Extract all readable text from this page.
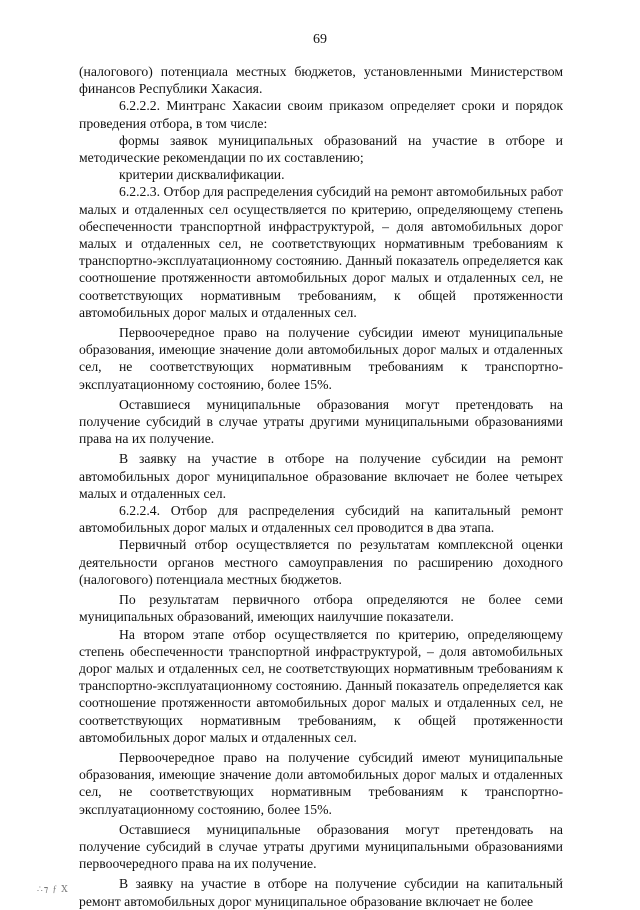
69

(налогового) потенциала местных бюджетов, установленными Министерством финансов Республики Хакасия.

6.2.2.2. Минтранс Хакасии своим приказом определяет сроки и порядок проведения отбора, в том числе:

формы заявок муниципальных образований на участие в отборе и методические рекомендации по их составлению;

критерии дисквалификации.

6.2.2.3. Отбор для распределения субсидий на ремонт автомобильных работ малых и отдаленных сел осуществляется по критерию, определяющему степень обеспеченности транспортной инфраструктурой, – доля автомобильных дорог малых и отдаленных сел, не соответствующих нормативным требованиям к транспортно-эксплуатационному состоянию. Данный показатель определяется как соотношение протяженности автомобильных дорог малых и отдаленных сел, не соответствующих нормативным требованиям, к общей протяженности автомобильных дорог малых и отдаленных сел.

Первоочередное право на получение субсидии имеют муниципальные образования, имеющие значение доли автомобильных дорог малых и отдаленных сел, не соответствующих нормативным требованиям к транспортно-эксплуатационному состоянию, более 15%.

Оставшиеся муниципальные образования могут претендовать на получение субсидий в случае утраты другими муниципальными образованиями права на их получение.

В заявку на участие в отборе на получение субсидии на ремонт автомобильных дорог муниципальное образование включает не более четырех малых и отдаленных сел.

6.2.2.4. Отбор для распределения субсидий на капитальный ремонт автомобильных дорог малых и отдаленных сел проводится в два этапа.

Первичный отбор осуществляется по результатам комплексной оценки деятельности органов местного самоуправления по расширению доходного (налогового) потенциала местных бюджетов.

По результатам первичного отбора определяются не более семи муниципальных образований, имеющих наилучшие показатели.

На втором этапе отбор осуществляется по критерию, определяющему степень обеспеченности транспортной инфраструктурой, – доля автомобильных дорог малых и отдаленных сел, не соответствующих нормативным требованиям к транспортно-эксплуатационному состоянию. Данный показатель определяется как соотношение протяженности автомобильных дорог малых и отдаленных сел, не соответствующих нормативным требованиям, к общей протяженности автомобильных дорог малых и отдаленных сел.

Первоочередное право на получение субсидий имеют муниципальные образования, имеющие значение доли автомобильных дорог малых и отдаленных сел, не соответствующих нормативным требованиям к транспортно-эксплуатационному состоянию, более 15%.

Оставшиеся муниципальные образования могут претендовать на получение субсидий в случае утраты другими муниципальными образованиями первоочередного права на их получение.

В заявку на участие в отборе на получение субсидии на капитальный ремонт автомобильных дорог муниципальное образование включает не более

∴⁊ ƒ Ⅹ
